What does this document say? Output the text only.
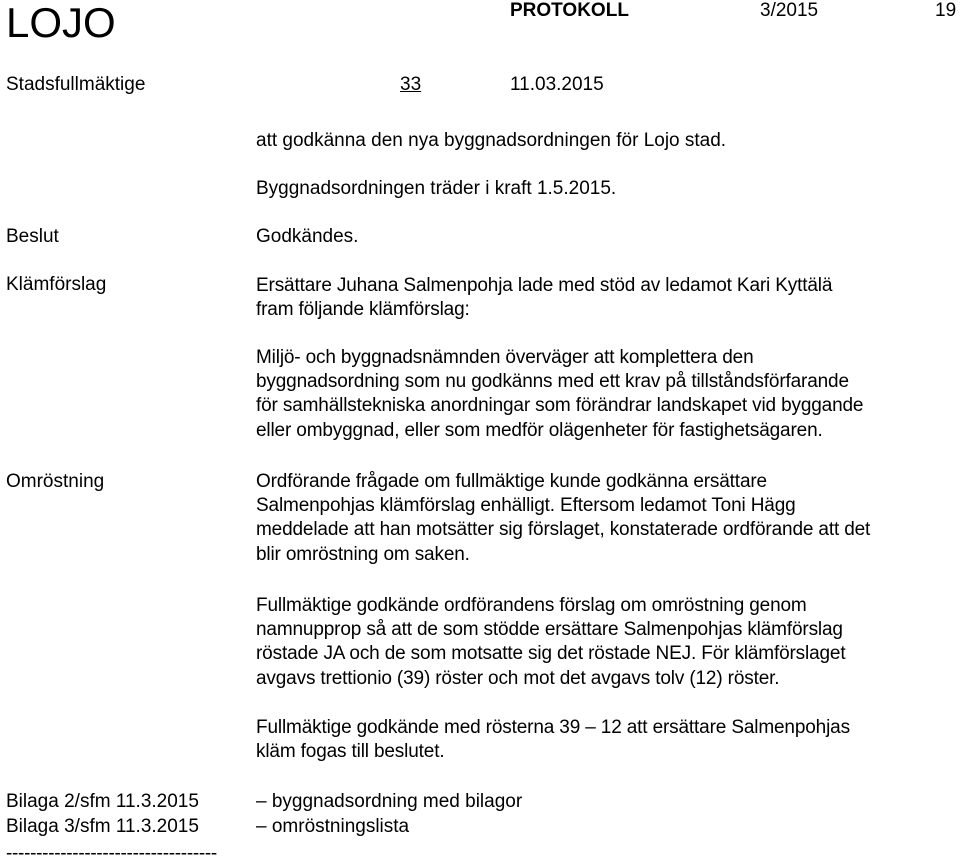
LOJO	PROTOKOLL	3/2015	19
Stadsfullmäktige	33	11.03.2015
att godkänna den nya byggnadsordningen för Lojo stad.
Byggnadsordningen träder i kraft 1.5.2015.
Beslut	Godkändes.
Klämförslag	Ersättare Juhana Salmenpohja lade med stöd av ledamot Kari Kyttälä
fram följande klämförslag:
Miljö- och byggnadsnämnden överväger att komplettera den
byggnadsordning som nu godkänns med ett krav på tillståndsförfarande
för samhällstekniska anordningar som förändrar landskapet vid byggande
eller ombyggnad, eller som medför olägenheter för fastighetsägaren.
Omröstning	Ordförande frågade om fullmäktige kunde godkänna ersättare
Salmenpohjas klämförslag enhälligt. Eftersom ledamot Toni Hägg
meddelade att han motsätter sig förslaget, konstaterade ordförande att det
blir omröstning om saken.
Fullmäktige godkände ordförandens förslag om omröstning genom
namnupprop så att de som stödde ersättare Salmenpohjas klämförslag
röstade JA och de som motsatte sig det röstade NEJ. För klämförslaget
avgavs trettionio (39) röster och mot det avgavs tolv (12) röster.
Fullmäktige godkände med rösterna 39 – 12 att ersättare Salmenpohjas
kläm fogas till beslutet.
Bilaga 2/sfm 11.3.2015	– byggnadsordning med bilagor
Bilaga 3/sfm 11.3.2015	– omröstningslista
-----------------------------------
